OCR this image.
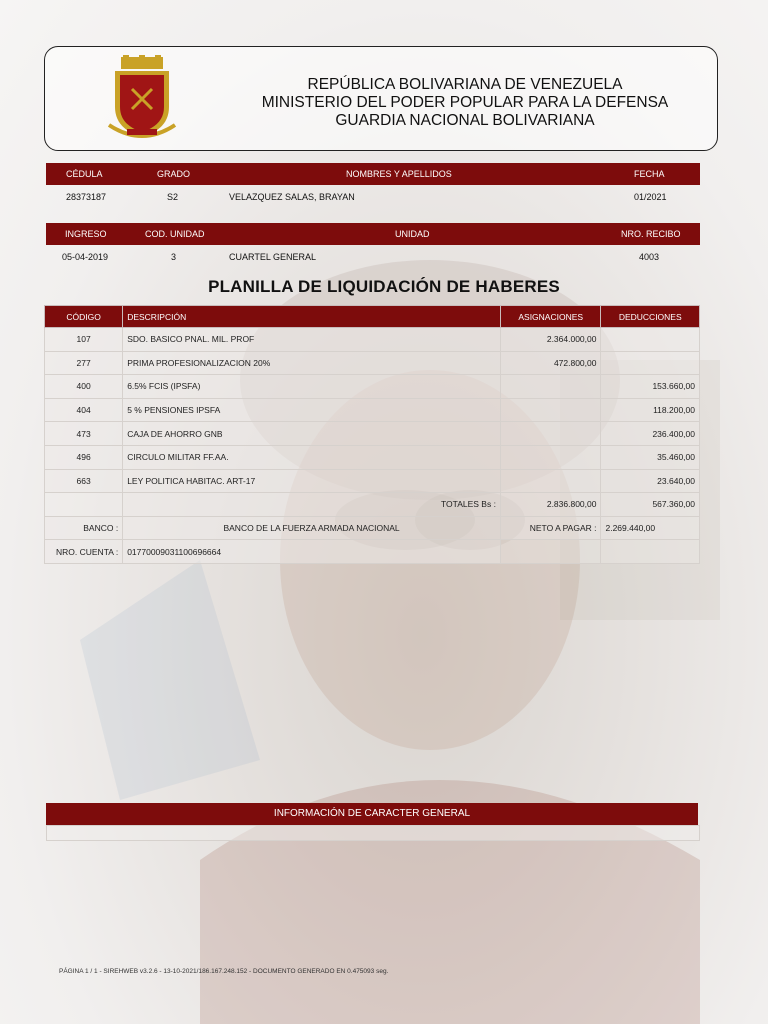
REPÚBLICA BOLIVARIANA DE VENEZUELA
MINISTERIO DEL PODER POPULAR PARA LA DEFENSA
GUARDIA NACIONAL BOLIVARIANA
CÉDULA	GRADO	NOMBRES Y APELLIDOS	FECHA
28373187	S2	VELAZQUEZ SALAS, BRAYAN	01/2021
INGRESO	COD. UNIDAD	UNIDAD	NRO. RECIBO
05-04-2019	3	CUARTEL GENERAL	4003
PLANILLA DE LIQUIDACIÓN DE HABERES
CÓDIGO	DESCRIPCIÓN	ASIGNACIONES	DEDUCCIONES
107	SDO. BASICO PNAL. MIL. PROF	2.364.000,00	
277	PRIMA PROFESIONALIZACION 20%	472.800,00	
400	6.5% FCIS (IPSFA)		153.660,00
404	5 % PENSIONES IPSFA		118.200,00
473	CAJA DE AHORRO GNB		236.400,00
496	CIRCULO MILITAR FF.AA.		35.460,00
663	LEY POLITICA HABITAC. ART-17		23.640,00
	TOTALES Bs :	2.836.800,00	567.360,00
BANCO :	BANCO DE LA FUERZA ARMADA NACIONAL	NETO A PAGAR :	2.269.440,00
NRO. CUENTA :	01770009031100696664		
INFORMACIÓN DE CARACTER GENERAL
PÁGINA 1 / 1 - SIREHWEB v3.2.6 - 13-10-2021/186.167.248.152 - DOCUMENTO GENERADO EN 0.475093 seg.
